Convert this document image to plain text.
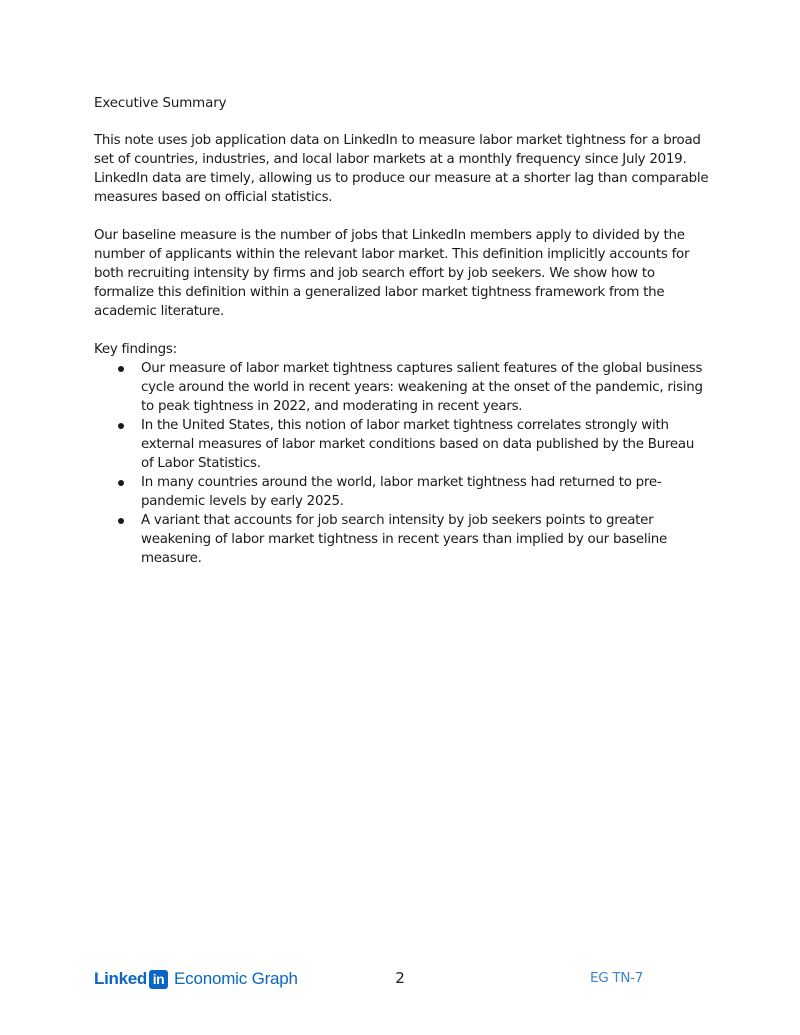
Executive Summary

This note uses job application data on LinkedIn to measure labor market tightness for a broad set of countries, industries, and local labor markets at a monthly frequency since July 2019. LinkedIn data are timely, allowing us to produce our measure at a shorter lag than comparable measures based on official statistics.

Our baseline measure is the number of jobs that LinkedIn members apply to divided by the number of applicants within the relevant labor market. This definition implicitly accounts for both recruiting intensity by firms and job search effort by job seekers. We show how to formalize this definition within a generalized labor market tightness framework from the academic literature.

Key findings:

Our measure of labor market tightness captures salient features of the global business cycle around the world in recent years: weakening at the onset of the pandemic, rising to peak tightness in 2022, and moderating in recent years.
In the United States, this notion of labor market tightness correlates strongly with external measures of labor market conditions based on data published by the Bureau of Labor Statistics.
In many countries around the world, labor market tightness had returned to pre-pandemic levels by early 2025.
A variant that accounts for job search intensity by job seekers points to greater weakening of labor market tightness in recent years than implied by our baseline measure.
Linked in Economic Graph	2	EG TN-7
